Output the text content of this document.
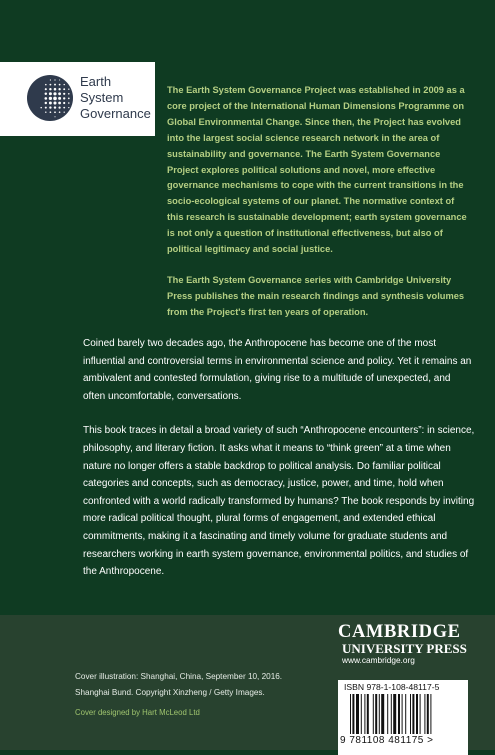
Earth
System
Governance

The Earth System Governance Project was established in 2009 as a core project of the International Human Dimensions Programme on Global Environmental Change. Since then, the Project has evolved into the largest social science research network in the area of sustainability and governance. The Earth System Governance Project explores political solutions and novel, more effective governance mechanisms to cope with the current transitions in the socio-ecological systems of our planet. The normative context of this research is sustainable development; earth system governance is not only a question of institutional effectiveness, but also of political legitimacy and social justice.

The Earth System Governance series with Cambridge University Press publishes the main research findings and synthesis volumes from the Project's first ten years of operation.

Coined barely two decades ago, the Anthropocene has become one of the most influential and controversial terms in environmental science and policy. Yet it remains an ambivalent and contested formulation, giving rise to a multitude of unexpected, and often uncomfortable, conversations.

This book traces in detail a broad variety of such “Anthropocene encounters”: in science, philosophy, and literary fiction. It asks what it means to “think green” at a time when nature no longer offers a stable backdrop to political analysis. Do familiar political categories and concepts, such as democracy, justice, power, and time, hold when confronted with a world radically transformed by humans? The book responds by inviting more radical political thought, plural forms of engagement, and extended ethical commitments, making it a fascinating and timely volume for graduate students and researchers working in earth system governance, environmental politics, and studies of the Anthropocene.

Cover illustration: Shanghai, China, September 10, 2016. Shanghai Bund. Copyright Xinzheng / Getty Images.
Cover designed by Hart McLeod Ltd
CAMBRIDGE
UNIVERSITY PRESS
www.cambridge.org
ISBN 978-1-108-48117-5
9 781108 481175 >
